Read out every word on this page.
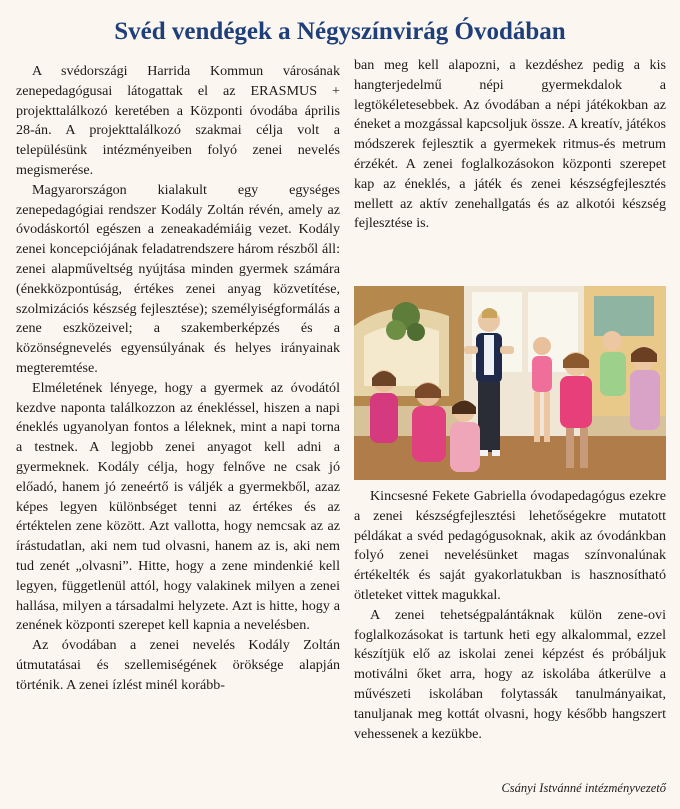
Svéd vendégek a Négyszínvirág Óvodában

A svédországi Harrida Kommun városának zenepedagógusai látogattak el az ERASMUS + projekttalálkozó keretében a Központi óvodába április 28-án. A projekttalálkozó szakmai célja volt a településünk intézményeiben folyó zenei nevelés megismerése.

Magyarországon kialakult egy egységes zenepedagógiai rendszer Kodály Zoltán révén, amely az óvodáskortól egészen a zeneakadémiáig vezet. Kodály zenei koncepciójának feladatrendszere három részből áll: zenei alapműveltség nyújtása minden gyermek számára (énekközpontúság, értékes zenei anyag közvetítése, szolmizációs készség fejlesztése); személyiségformálás a zene eszközeivel; a szakemberképzés és a közönségnevelés egyensúlyának és helyes irányainak megteremtése.

Elméletének lényege, hogy a gyermek az óvodától kezdve naponta találkozzon az énekléssel, hiszen a napi éneklés ugyanolyan fontos a léleknek, mint a napi torna a testnek. A legjobb zenei anyagot kell adni a gyermeknek. Kodály célja, hogy felnőve ne csak jó előadó, hanem jó zeneértő is váljék a gyermekből, azaz képes legyen különbséget tenni az értékes és az értéktelen zene között. Azt vallotta, hogy nemcsak az az írástudatlan, aki nem tud olvasni, hanem az is, aki nem tud zenét „olvasni”. Hitte, hogy a zene mindenkié kell legyen, függetlenül attól, hogy valakinek milyen a zenei hallása, milyen a társadalmi helyzete. Azt is hitte, hogy a zenének központi szerepet kell kapnia a nevelésben.

Az óvodában a zenei nevelés Kodály Zoltán útmutatásai és szellemiségének öröksége alapján történik. A zenei ízlést minél korább-

ban meg kell alapozni, a kezdéshez pedig a kis hangterjedelmű népi gyermekdalok a legtökéletesebbek. Az óvodában a népi játékokban az éneket a mozgással kapcsoljuk össze. A kreatív, játékos módszerek fejlesztik a gyermekek ritmus-és metrum érzékét. A zenei foglalkozásokon központi szerepet kap az éneklés, a játék és zenei készségfejlesztés mellett az aktív zenehallgatás és az alkotói készség fejlesztése is.

Kincsesné Fekete Gabriella óvodapedagógus ezekre a zenei készségfejlesztési lehetőségekre mutatott példákat a svéd pedagógusoknak, akik az óvodánkban folyó zenei nevelésünket magas színvonalúnak értékelték és saját gyakorlatukban is hasznosítható ötleteket vittek magukkal.

A zenei tehetségpalántáknak külön zene-ovi foglalkozásokat is tartunk heti egy alkalommal, ezzel készítjük elő az iskolai zenei képzést és próbáljuk motiválni őket arra, hogy az iskolába átkerülve a művészeti iskolában folytassák tanulmányaikat, tanuljanak meg kottát olvasni, hogy később hangszert vehessenek a kezükbe.

Csányi Istvánné intézményvezető
